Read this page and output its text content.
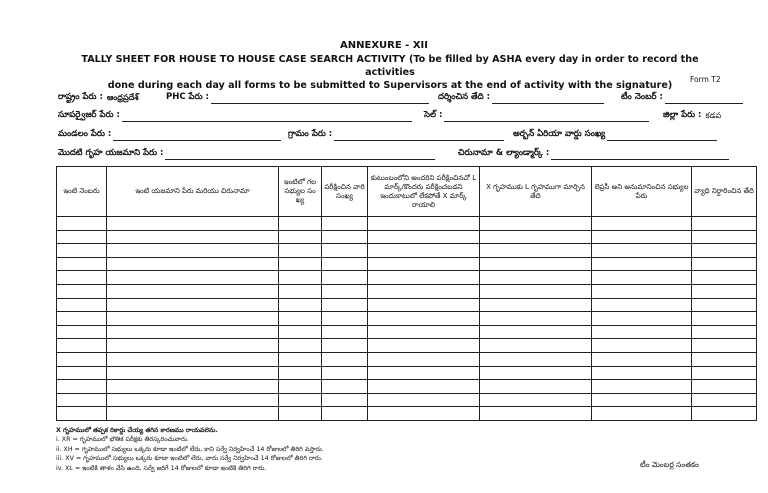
ANNEXURE - XII
TALLY SHEET FOR HOUSE TO HOUSE CASE SEARCH ACTIVITY (To be filled by ASHA every day in order to record the activities
done during each day all forms to be submitted to Supervisors at the end of activity with the signature)
Form T2
రాష్ట్రం పేరు : ఆంధ్రప్రదేశ్	PHC పేరు :	దర్శించిన తేది :	టీం నెంబర్ :
సూపర్వైజర్ పేరు :	సెల్ :	జిల్లా పేరు : కడప
మండలం పేరు :	గ్రామం పేరు :	అర్బన్ ఏరియా వార్డు సంఖ్య
మొదటి గృహ యజమాని పేరు :	చిరునామా & ల్యాండ్మార్క్ :
ఇంటి నెంబరు	ఇంటి యజమాని పేరు మరియు చిరునామా	ఇంటిలో గల సభ్యుల సం ఖ్య	పరీక్షించిన వారి సంఖ్య	కుటుంబంలోని అందరిని పరీక్షించినచో L మార్క్/కొందరు పరీక్షించబడని ఇందుకాటులో లేకపోతే X మార్క్ రాయాలి	X గృహముకు L గృహముగా మార్చిన తేది	లెప్రసీ అని అనుమానించిన సభ్యుల పేరు	వ్యాధి నిర్ధారించిన తేది

X గృహములో తప్పక రికార్డు చేయ్య తగిన కారణము రాయవలెను.
i. XR = గృహములో భౌతిక పరీక్షకు తిరస్కరించువారు.
ii. XH = గృహములో సభ్యులు ఒక్కరు కూడా ఇంటిలో లేరు, కాని సర్వే నిర్వహించే 14 రోజులలో తిరిగి వస్తారు.
iii. XV = గృహములో సభ్యులు ఒక్కరు కూడా ఇంటిలో లేరు, వారు సర్వే నిర్వహించే 14 రోజులలో తిరిగి రారు.
iv. XL = ఇంటికి తాళం వేసి ఉంది, సర్వే జరిగే 14 రోజులలో కూడా ఇంటికి తిరిగి రారు.	టీం మెంబర్ల సంతకం
